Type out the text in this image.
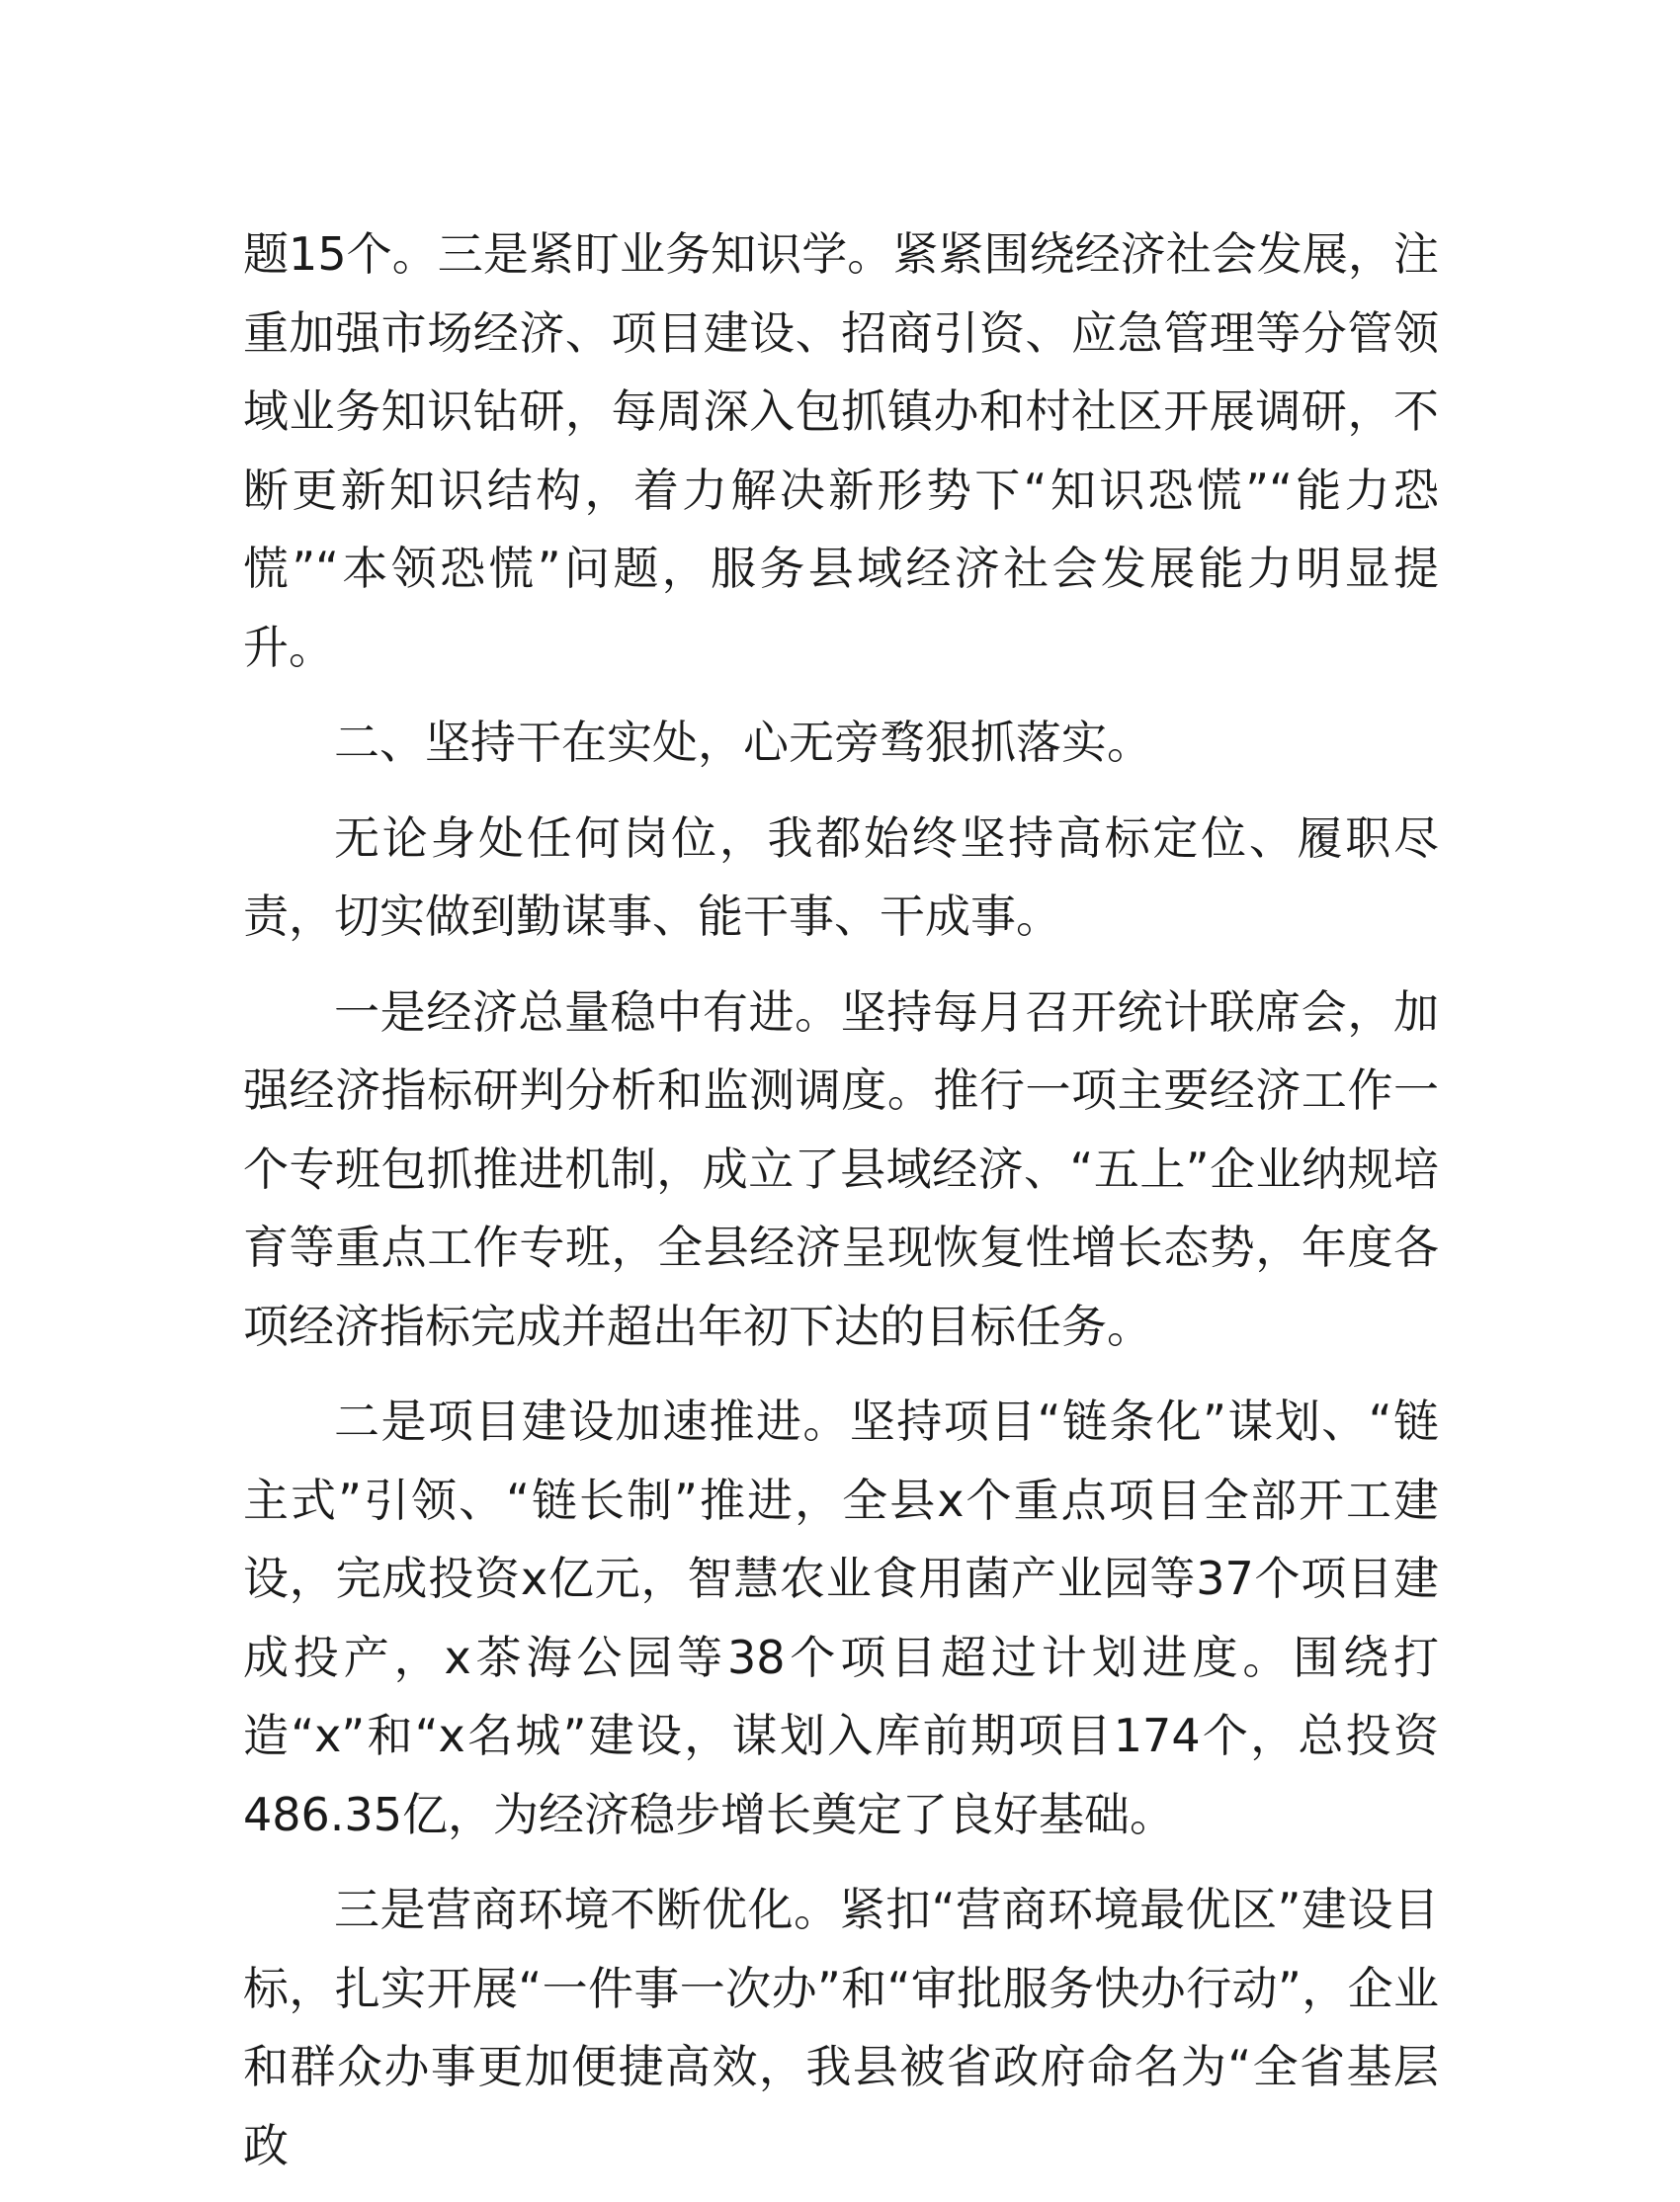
题15个。三是紧盯业务知识学。紧紧围绕经济社会发展，注重加强市场经济、项目建设、招商引资、应急管理等分管领域业务知识钻研，每周深入包抓镇办和村社区开展调研，不断更新知识结构，着力解决新形势下“知识恐慌”“能力恐慌”“本领恐慌”问题，服务县域经济社会发展能力明显提升。

二、坚持干在实处，心无旁骛狠抓落实。

无论身处任何岗位，我都始终坚持高标定位、履职尽责，切实做到勤谋事、能干事、干成事。

一是经济总量稳中有进。坚持每月召开统计联席会，加强经济指标研判分析和监测调度。推行一项主要经济工作一个专班包抓推进机制，成立了县域经济、“五上”企业纳规培育等重点工作专班，全县经济呈现恢复性增长态势，年度各项经济指标完成并超出年初下达的目标任务。

二是项目建设加速推进。坚持项目“链条化”谋划、“链主式”引领、“链长制”推进，全县x个重点项目全部开工建设，完成投资x亿元，智慧农业食用菌产业园等37个项目建成投产，x茶海公园等38个项目超过计划进度。围绕打造“x”和“x名城”建设，谋划入库前期项目174个，总投资486.35亿，为经济稳步增长奠定了良好基础。

三是营商环境不断优化。紧扣“营商环境最优区”建设目标，扎实开展“一件事一次办”和“审批服务快办行动”，企业和群众办事更加便捷高效，我县被省政府命名为“全省基层政
